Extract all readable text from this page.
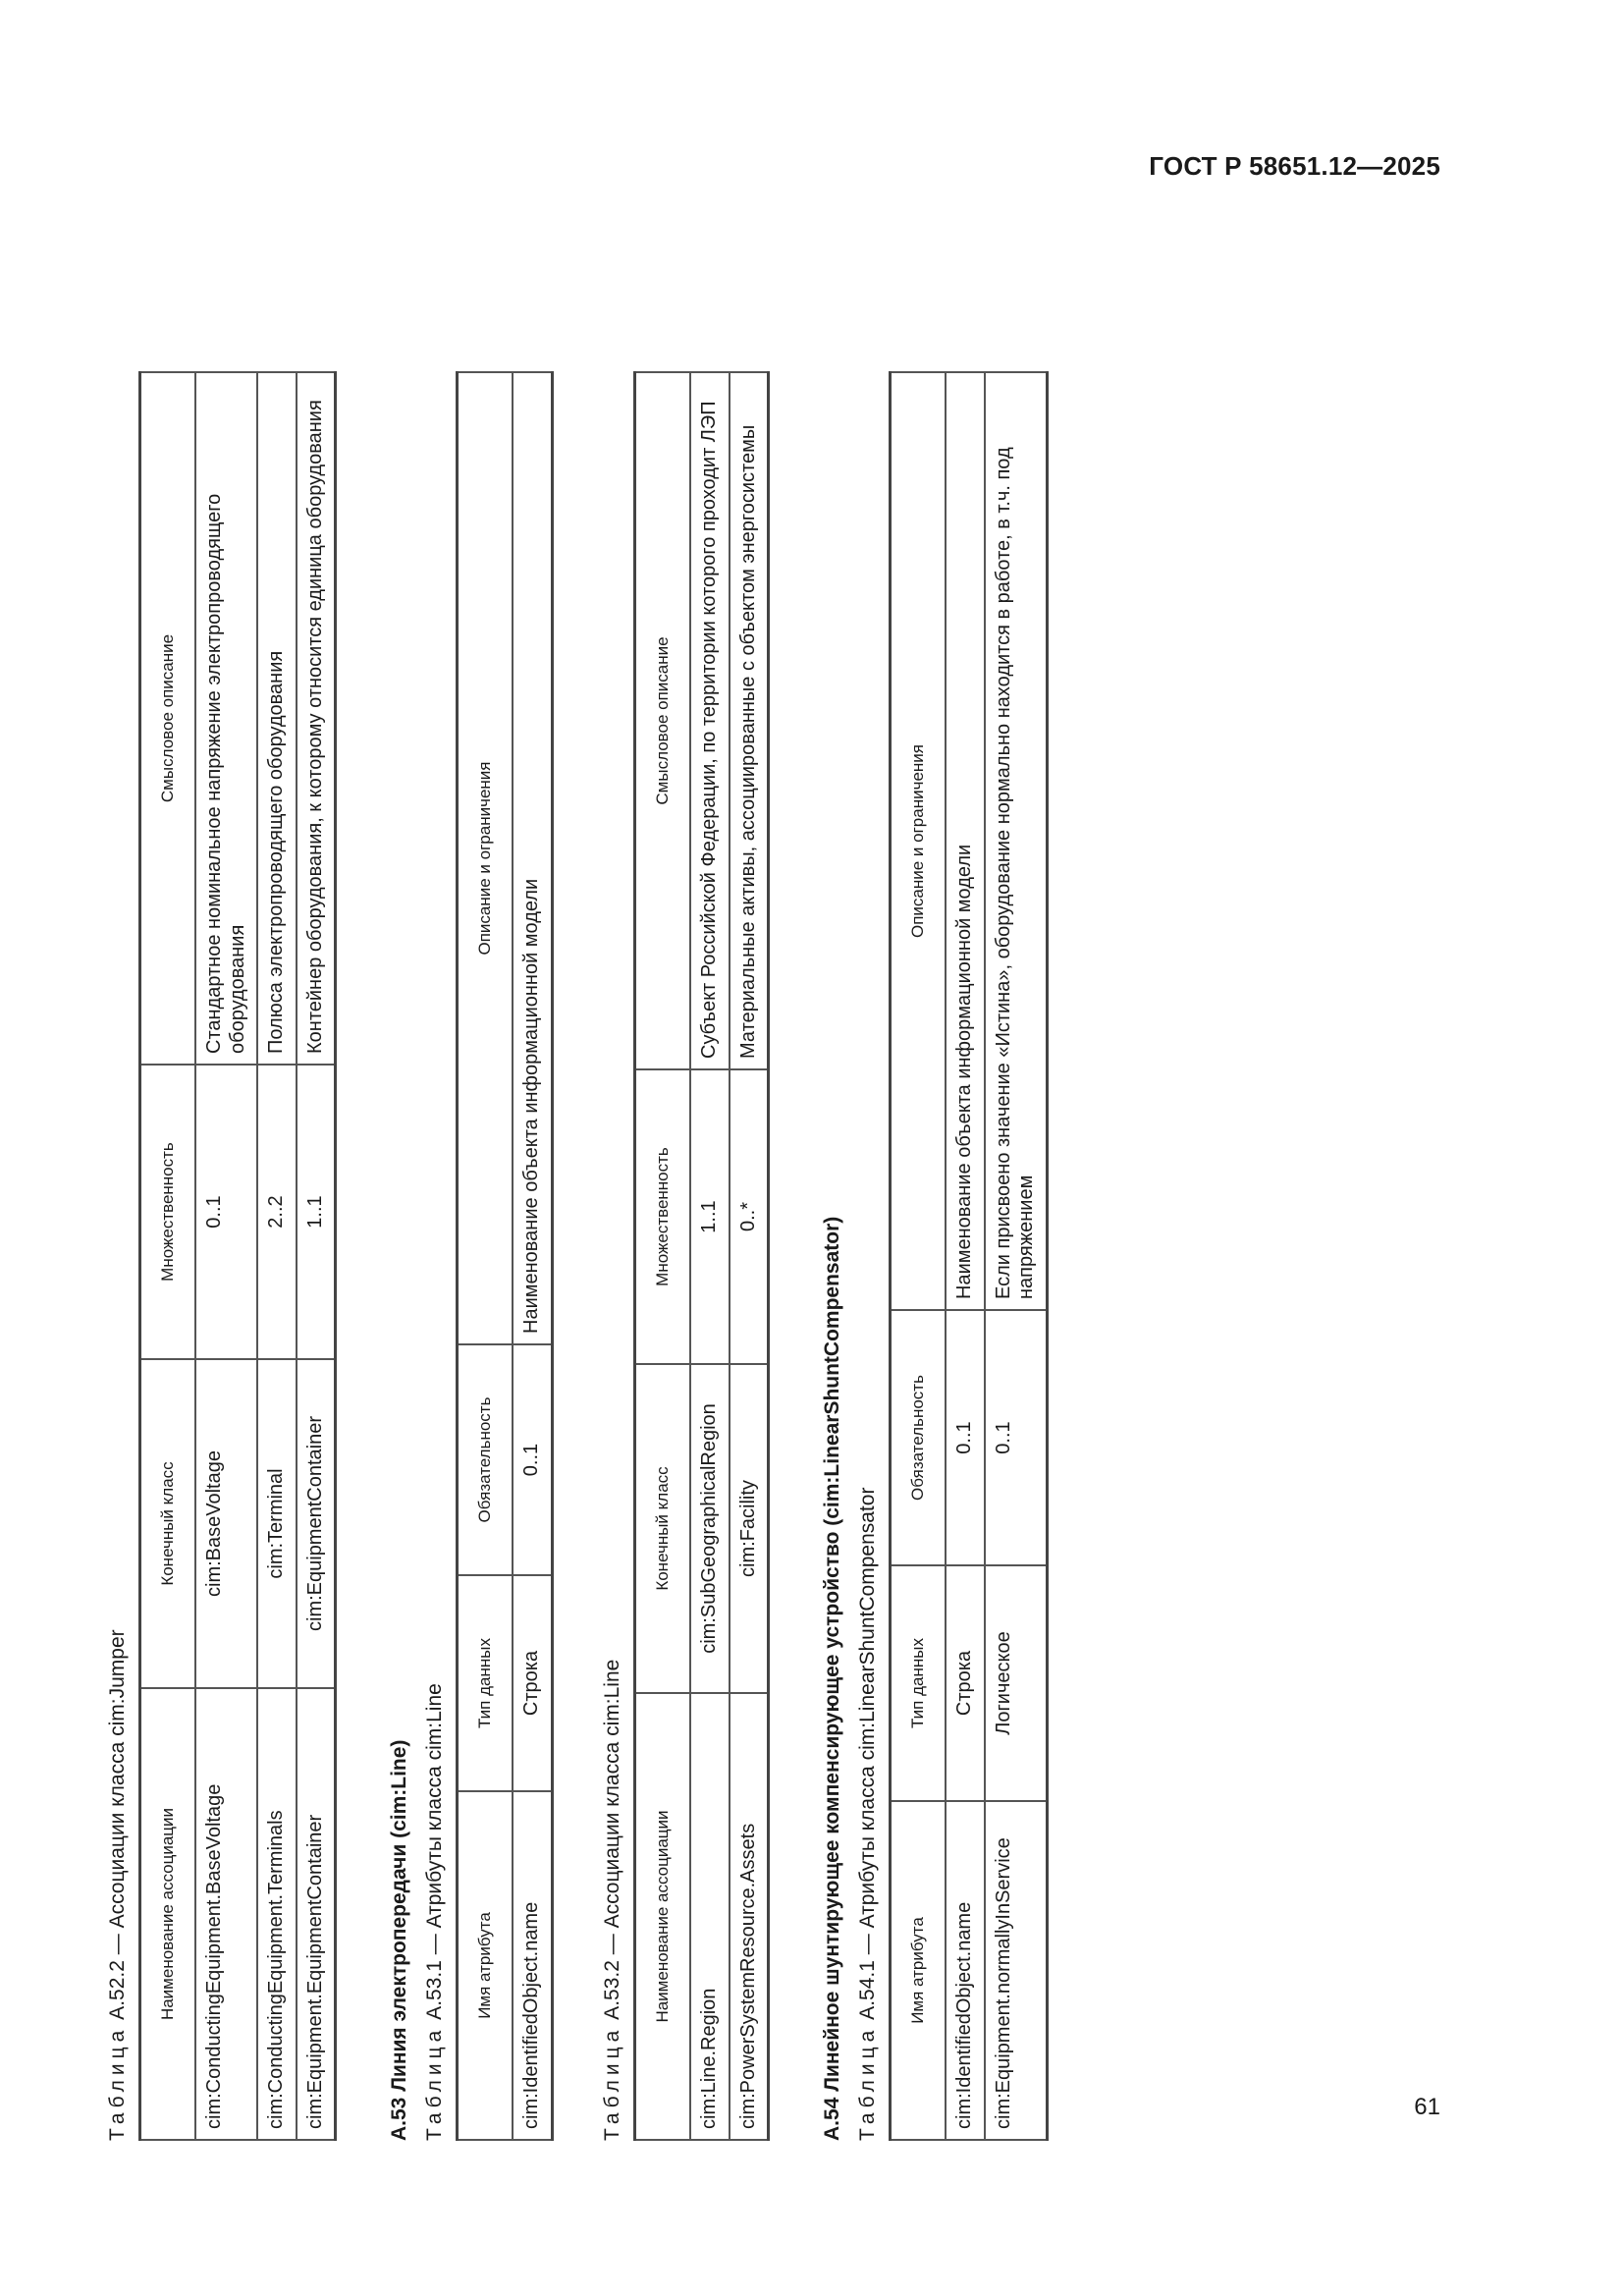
ГОСТ Р 58651.12—2025
Таблица А.52.2 — Ассоциации класса cim:Jumper Наименование ассоциации	Конечный класс	Множественность	Смысловое описание
cim:ConductingEquipment.BaseVoltage	cim:BaseVoltage	0..1	Стандартное номинальное напряжение электропроводящего оборудования
cim:ConductingEquipment.Terminals	cim:Terminal	2..2	Полюса электропроводящего оборудования
cim:Equipment.EquipmentContainer	cim:EquipmentContainer	1..1	Контейнер оборудования, к которому относится единица оборудования
А.53 Линия электропередачи (cim:Line) Таблица А.53.1 — Атрибуты класса cim:Line Имя атрибута	Тип данных	Обязательность	Описание и ограничения
cim:IdentifiedObject.name	Строка	0..1	Наименование объекта информационной модели
Таблица А.53.2 — Ассоциации класса cim:Line Наименование ассоциации	Конечный класс	Множественность	Смысловое описание
cim:Line.Region	cim:SubGeographicalRegion	1..1	Субъект Российской Федерации, по территории которого проходит ЛЭП
cim:PowerSystemResource.Assets	cim:Facility	0..*	Материальные активы, ассоциированные с объектом энергосистемы
А.54 Линейное шунтирующее компенсирующее устройство (cim:LinearShuntCompensator) Таблица А.54.1 — Атрибуты класса cim:LinearShuntCompensator Имя атрибута	Тип данных	Обязательность	Описание и ограничения
cim:IdentifiedObject.name	Строка	0..1	Наименование объекта информационной модели
cim:Equipment.normallyInService	Логическое	0..1	Если присвоено значение «Истина», оборудование нормально находится в работе, в т.ч. под напряжением
61
